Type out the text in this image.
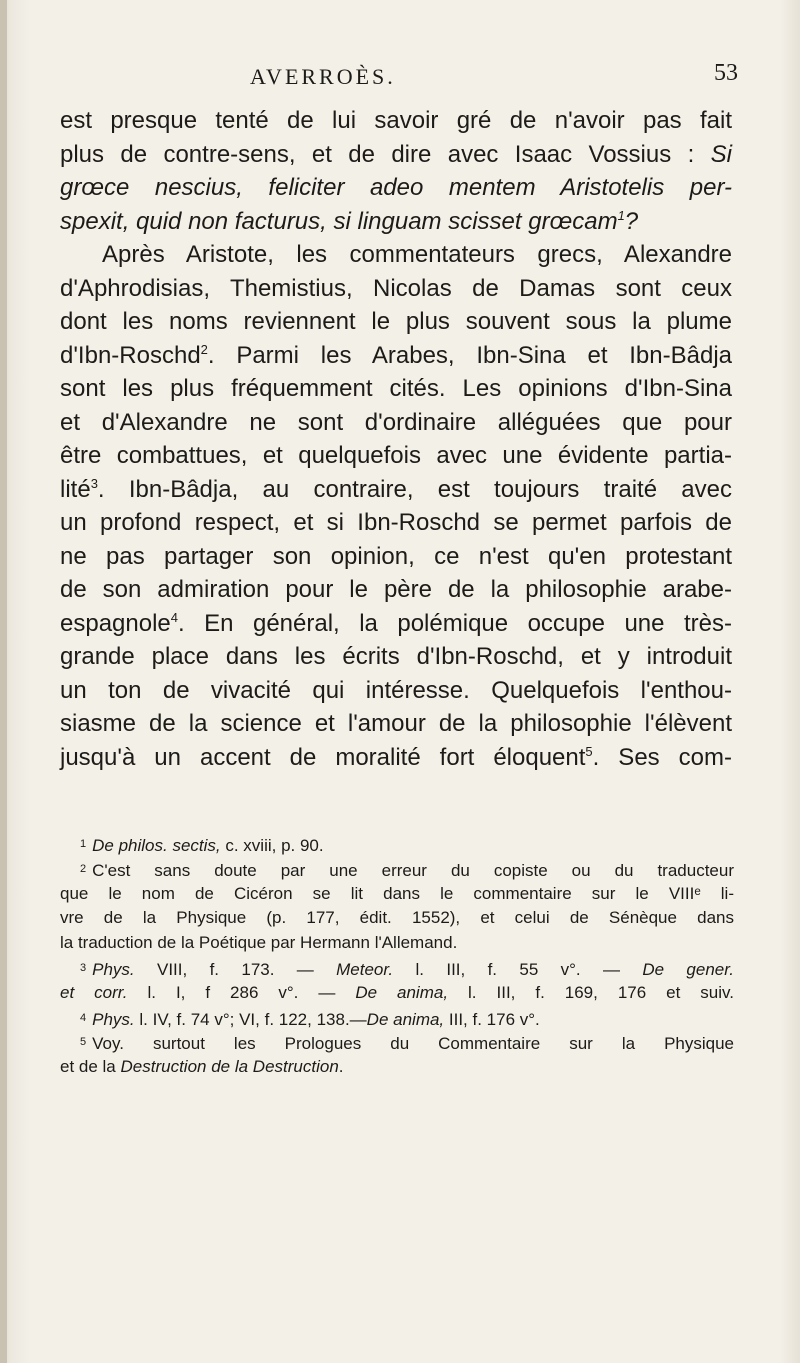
AVERROÈS.	53
est presque tenté de lui savoir gré de n'avoir pas fait
plus de contre-sens, et de dire avec Isaac Vossius : Si
grœce nescius, feliciter adeo mentem Aristotelis per-
spexit, quid non facturus, si linguam scisset grœcam$^1$?
Après Aristote, les commentateurs grecs, Alexandre
d'Aphrodisias, Themistius, Nicolas de Damas sont ceux
dont les noms reviennent le plus souvent sous la plume
d'Ibn-Roschd$^2$. Parmi les Arabes, Ibn-Sina et Ibn-Bâdja
sont les plus fréquemment cités. Les opinions d'Ibn-Sina
et d'Alexandre ne sont d'ordinaire alléguées que pour
être combattues, et quelquefois avec une évidente partia-
lité$^3$. Ibn-Bâdja, au contraire, est toujours traité avec
un profond respect, et si Ibn-Roschd se permet parfois de
ne pas partager son opinion, ce n'est qu'en protestant
de son admiration pour le père de la philosophie arabe-
espagnole$^4$. En général, la polémique occupe une très-
grande place dans les écrits d'Ibn-Roschd, et y introduit
un ton de vivacité qui intéresse. Quelquefois l'enthou-
siasme de la science et l'amour de la philosophie l'élèvent
jusqu'à un accent de moralité fort éloquent$^5$. Ses com-
$^1$ De philos. sectis, c. xviii, p. 90.
$^2$ C'est sans doute par une erreur du copiste ou du traducteur
que le nom de Cicéron se lit dans le commentaire sur le VIIIᵉ li-
vre de la Physique (p. 177, édit. 1552), et celui de Sénèque dans
la traduction de la Poétique par Hermann l'Allemand.
$^3$ Phys. VIII, f. 173. — Meteor. l. III, f. 55 v°. — De gener.
et corr. l. I, f 286 v°. — De anima, l. III, f. 169, 176 et suiv.
$^4$ Phys. l. IV, f. 74 v°; VI, f. 122, 138.—De anima, III, f. 176 v°.
$^5$ Voy. surtout les Prologues du Commentaire sur la Physique
et de la Destruction de la Destruction.
